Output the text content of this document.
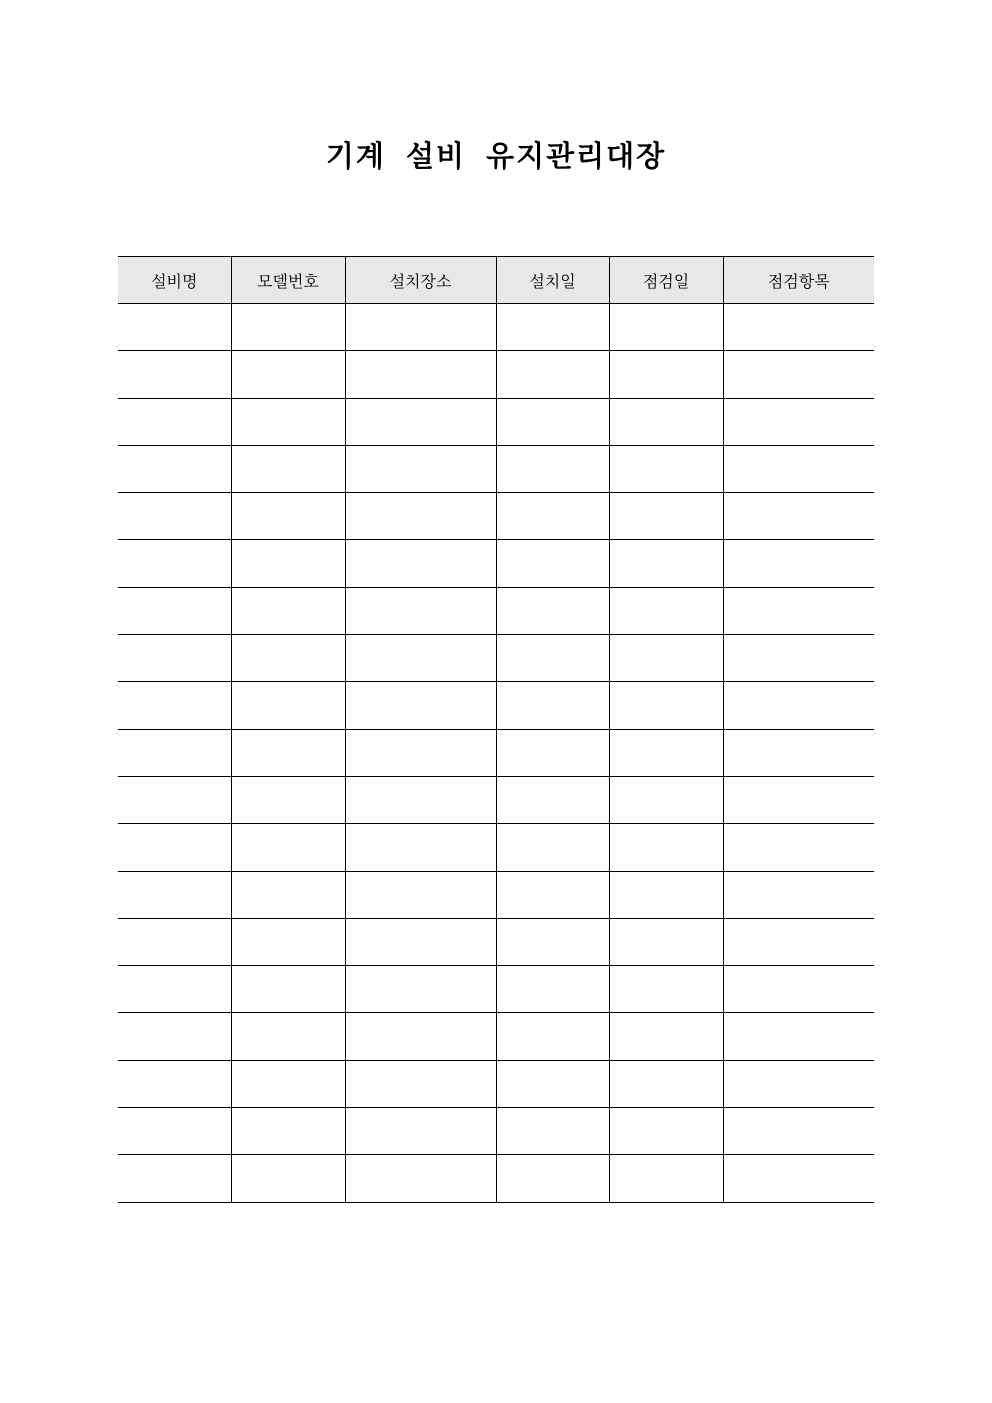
기계 설비 유지관리대장
설비명	모델번호	설치장소	설치일	점검일	점검항목
